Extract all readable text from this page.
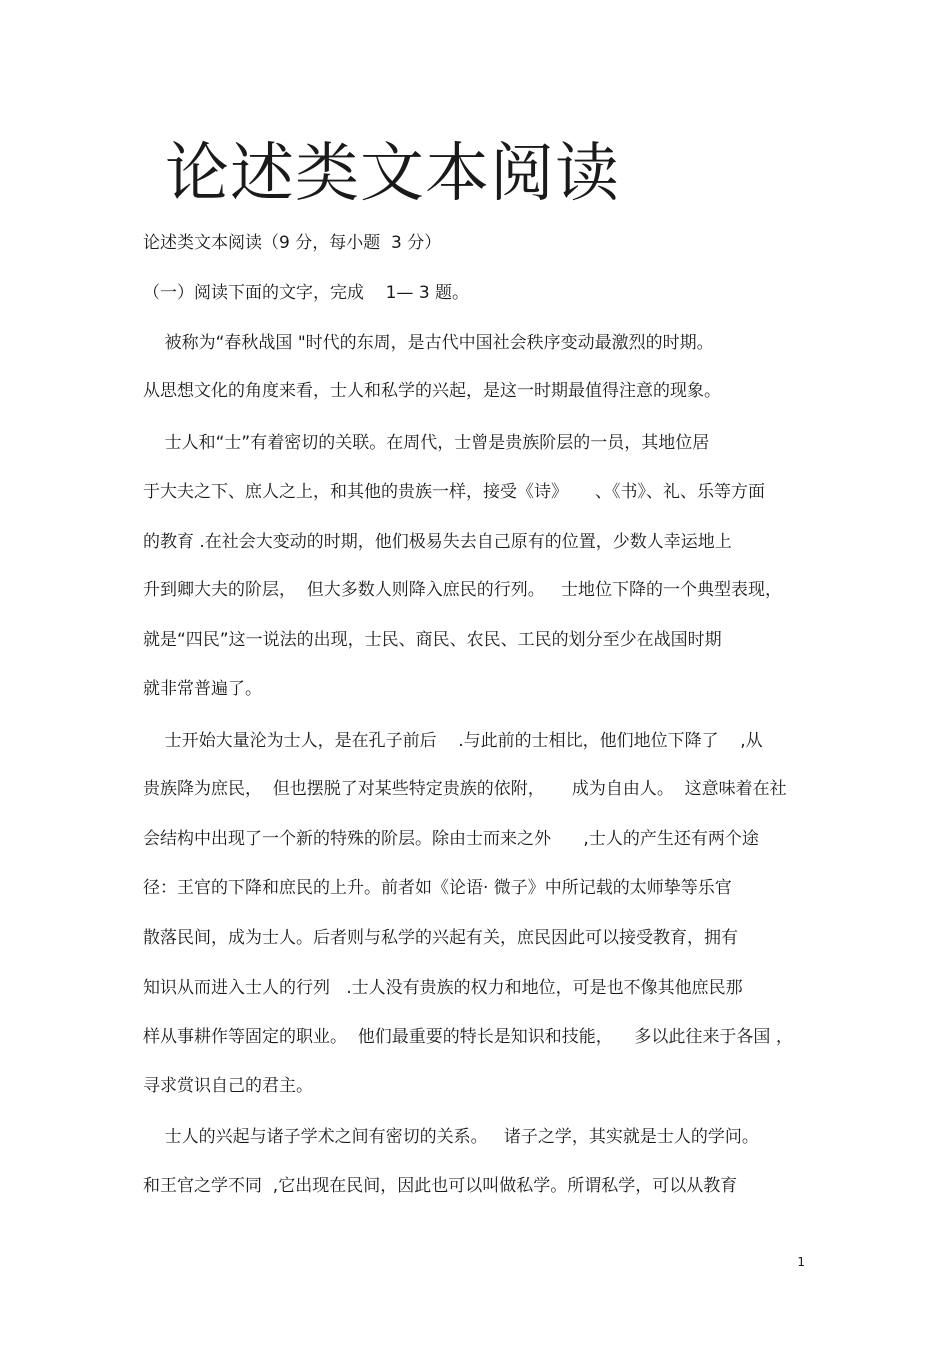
论述类文本阅读

论述类文本阅读（9 分，每小题  3 分）

（一）阅读下面的文字，完成    1— 3 题。

被称为“春秋战国 "时代的东周，是古代中国社会秩序变动最激烈的时期。

从思想文化的角度来看，士人和私学的兴起，是这一时期最值得注意的现象。

士人和“士”有着密切的关联。在周代，士曾是贵族阶层的一员，其地位居

于大夫之下、庶人之上，和其他的贵族一样，接受《诗》     、《书》、礼、乐等方面

的教育 .在社会大变动的时期，他们极易失去自己原有的位置，少数人幸运地上

升到卿大夫的阶层，  但大多数人则降入庶民的行列。   士地位下降的一个典型表现，

就是“四民”这一说法的出现，士民、商民、农民、工民的划分至少在战国时期

就非常普遍了。

士开始大量沦为士人，是在孔子前后    .与此前的士相比，他们地位下降了    ,从

贵族降为庶民，  但也摆脱了对某些特定贵族的依附，     成为自由人。  这意味着在社

会结构中出现了一个新的特殊的阶层。除由士而来之外      ,士人的产生还有两个途

径：王官的下降和庶民的上升。前者如《论语· 微子》中所记载的太师挚等乐官

散落民间，成为士人。后者则与私学的兴起有关，庶民因此可以接受教育，拥有

知识从而进入士人的行列   .士人没有贵族的权力和地位，可是也不像其他庶民那

样从事耕作等固定的职业。  他们最重要的特长是知识和技能，    多以此往来于各国 ，

寻求赏识自己的君主。

士人的兴起与诸子学术之间有密切的关系。   诸子之学，其实就是士人的学问。

和王官之学不同  ,它出现在民间，因此也可以叫做私学。所谓私学，可以从教育

1
